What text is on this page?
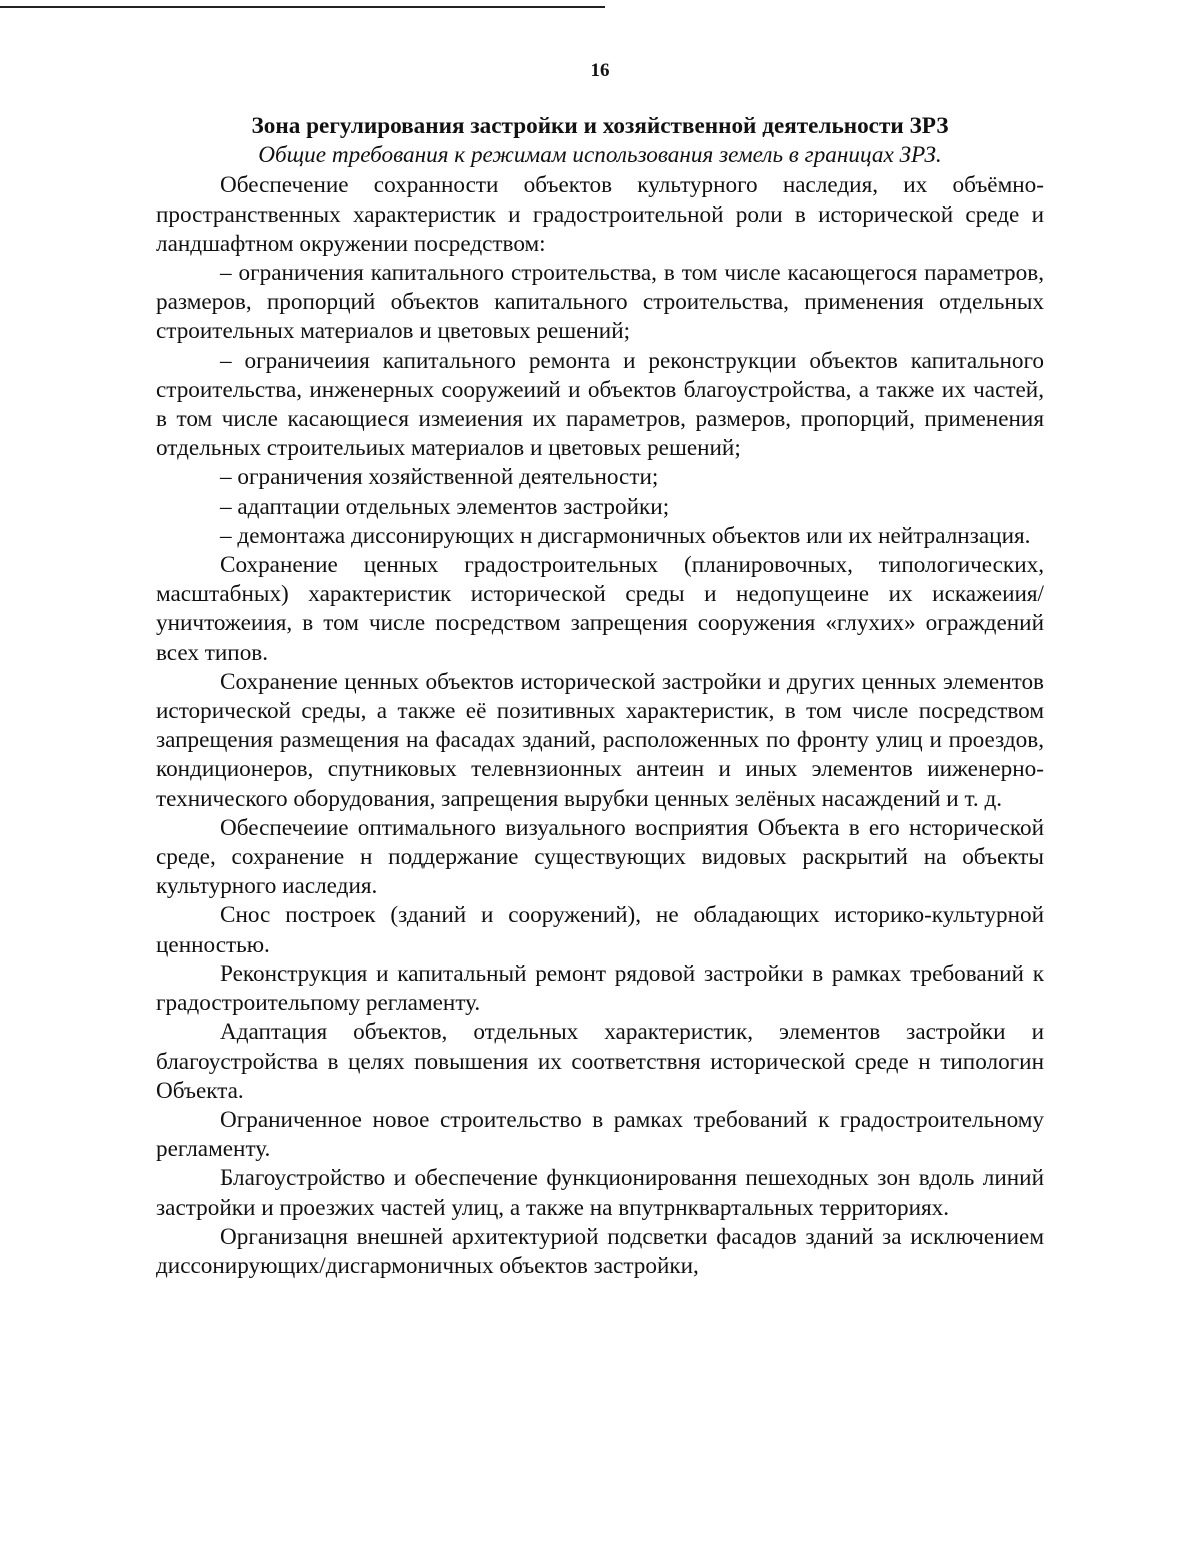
16

Зона регулирования застройки и хозяйственной деятельности ЗРЗ

Общие требования к режимам использования земель в границах ЗРЗ.

Обеспечение сохранности объектов культурного наследия, их объёмно-пространственных характеристик и градостроительной роли в исторической среде и ландшафтном окружении посредством:

– ограничения капитального строительства, в том числе касающегося параметров, размеров, пропорций объектов капитального строительства, применения отдельных строительных материалов и цветовых решений;

– ограничеиия капитального ремонта и реконструкции объектов капитального строительства, инженерных сооружеиий и объектов благоустройства, а также их частей, в том числе касающиеся измеиения их параметров, размеров, пропорций, применения отдельных строительиых материалов и цветовых решений;

– ограничения хозяйственной деятельности;

– адаптации отдельных элементов застройки;

– демонтажа диссонирующих н дисгармоничных объектов или их нейтралнзация.

Сохранение ценных градостроительных (планировочных, типологических, масштабных) характеристик исторической среды и недопущеине их искажеиия/уничтожеиия, в том числе посредством запрещения сооружения «глухих» ограждений всех типов.

Сохранение ценных объектов исторической застройки и других ценных элементов исторической среды, а также её позитивных характеристик, в том числе посредством запрещения размещения на фасадах зданий, расположенных по фронту улиц и проездов, кондиционеров, спутниковых телевнзионных антеин и иных элементов ииженерно-технического оборудования, запрещения вырубки ценных зелёных насаждений и т. д.

Обеспечеиие оптимального визуального восприятия Объекта в его нсторической среде, сохранение н поддержание существующих видовых раскрытий на объекты культурного иаследия.

Снос построек (зданий и сооружений), не обладающих историко-культурной ценностью.

Реконструкция и капитальный ремонт рядовой застройки в рамках требований к градостроительпому регламенту.

Адаптация объектов, отдельных характеристик, элементов застройки и благоустройства в целях повышения их соответствня исторической среде н типологин Объекта.

Ограниченное новое строительство в рамках требований к градостроительному регламенту.

Благоустройство и обеспечение функционировання пешеходных зон вдоль линий застройки и проезжих частей улиц, а также на впутрнквартальных территориях.

Организацня внешней архитектуриой подсветки фасадов зданий за исключением диссонирующих/дисгармоничных объектов застройки,
